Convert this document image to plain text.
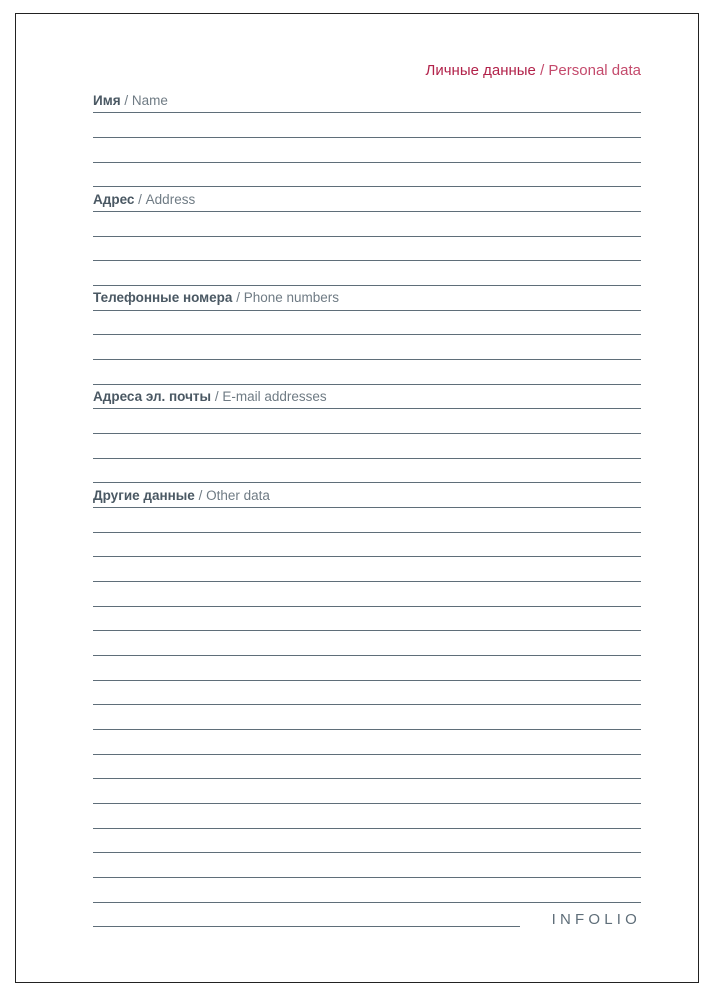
Личные данные / Personal data
Имя / Name
Адрес / Address
Телефонные номера / Phone numbers
Адреса эл. почты / E-mail addresses
Другие данные / Other data
INFOLIO
